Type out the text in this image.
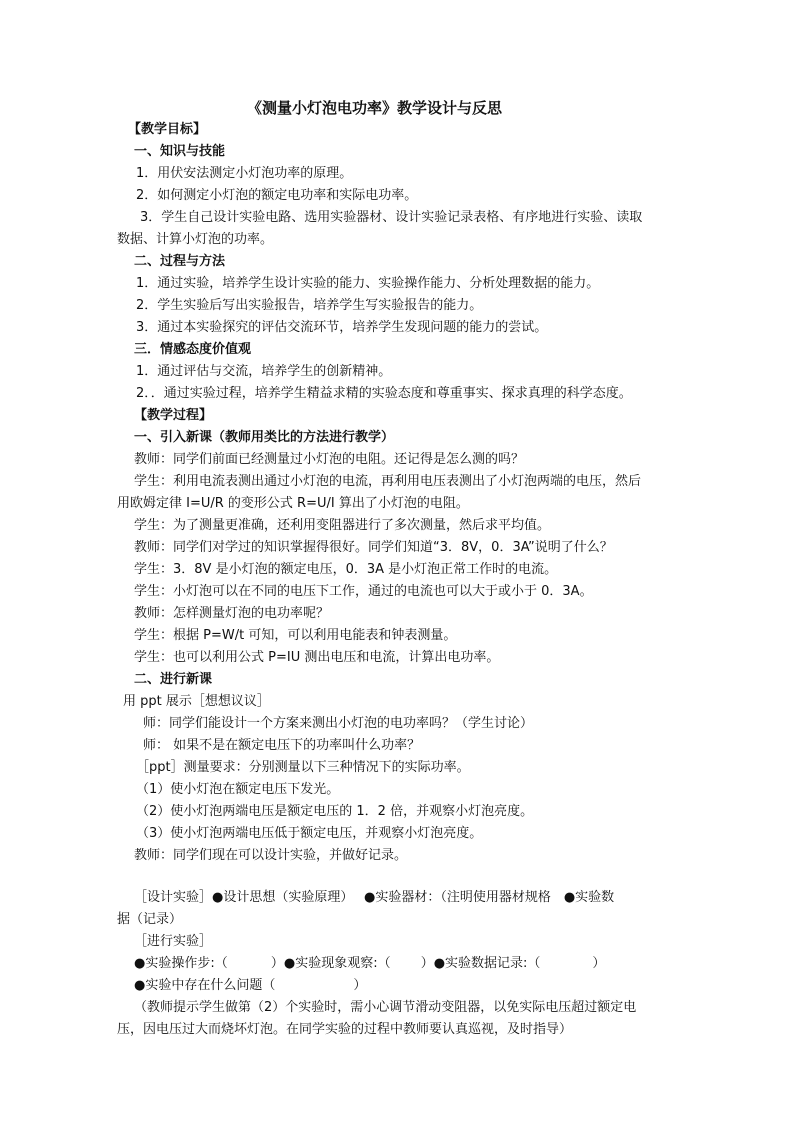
《测量小灯泡电功率》教学设计与反思
【教学目标】
一、知识与技能
1．用伏安法测定小灯泡功率的原理。
2．如何测定小灯泡的额定电功率和实际电功率。
3．学生自己设计实验电路、选用实验器材、设计实验记录表格、有序地进行实验、读取
数据、计算小灯泡的功率。
二、过程与方法
1．通过实验，培养学生设计实验的能力、实验操作能力、分析处理数据的能力。
2．学生实验后写出实验报告，培养学生写实验报告的能力。
3．通过本实验探究的评估交流环节，培养学生发现问题的能力的尝试。
三．情感态度价值观
1．通过评估与交流，培养学生的创新精神。
2．．通过实验过程，培养学生精益求精的实验态度和尊重事实、探求真理的科学态度。
【教学过程】
一、引入新课（教师用类比的方法进行教学）
教师：同学们前面已经测量过小灯泡的电阻。还记得是怎么测的吗？
学生：利用电流表测出通过小灯泡的电流，再利用电压表测出了小灯泡两端的电压，然后
用欧姆定律 I=U/R 的变形公式 R=U/I 算出了小灯泡的电阻。
学生：为了测量更准确，还利用变阻器进行了多次测量，然后求平均值。
教师：同学们对学过的知识掌握得很好。同学们知道“3．8V，0．3A”说明了什么？
学生：3．8V 是小灯泡的额定电压，0．3A 是小灯泡正常工作时的电流。
学生：小灯泡可以在不同的电压下工作，通过的电流也可以大于或小于 0．3A。
教师：怎样测量灯泡的电功率呢？
学生：根据 P=W/t 可知，可以利用电能表和钟表测量。
学生：也可以利用公式 P=IU 测出电压和电流，计算出电功率。
二、进行新课
用 ppt 展示［想想议议］
师：同学们能设计一个方案来测出小灯泡的电功率吗？（学生讨论）
师： 如果不是在额定电压下的功率叫什么功率？
［ppt］测量要求：分别测量以下三种情况下的实际功率。
（1）使小灯泡在额定电压下发光。
（2）使小灯泡两端电压是额定电压的 1．2 倍，并观察小灯泡亮度。
（3）使小灯泡两端电压低于额定电压，并观察小灯泡亮度。
教师：同学们现在可以设计实验，并做好记录。
［设计实验］●设计思想（实验原理）　 ●实验器材：（注明使用器材规格　●实验数
据（记录）
［进行实验］
●实验操作步:（　　　 ）●实验现象观察:（　　 ）●实验数据记录:（　　　　）
●实验中存在什么问题（　　　　　　）
（教师提示学生做第（2）个实验时，需小心调节滑动变阻器，以免实际电压超过额定电
压，因电压过大而烧坏灯泡。在同学实验的过程中教师要认真巡视，及时指导）
